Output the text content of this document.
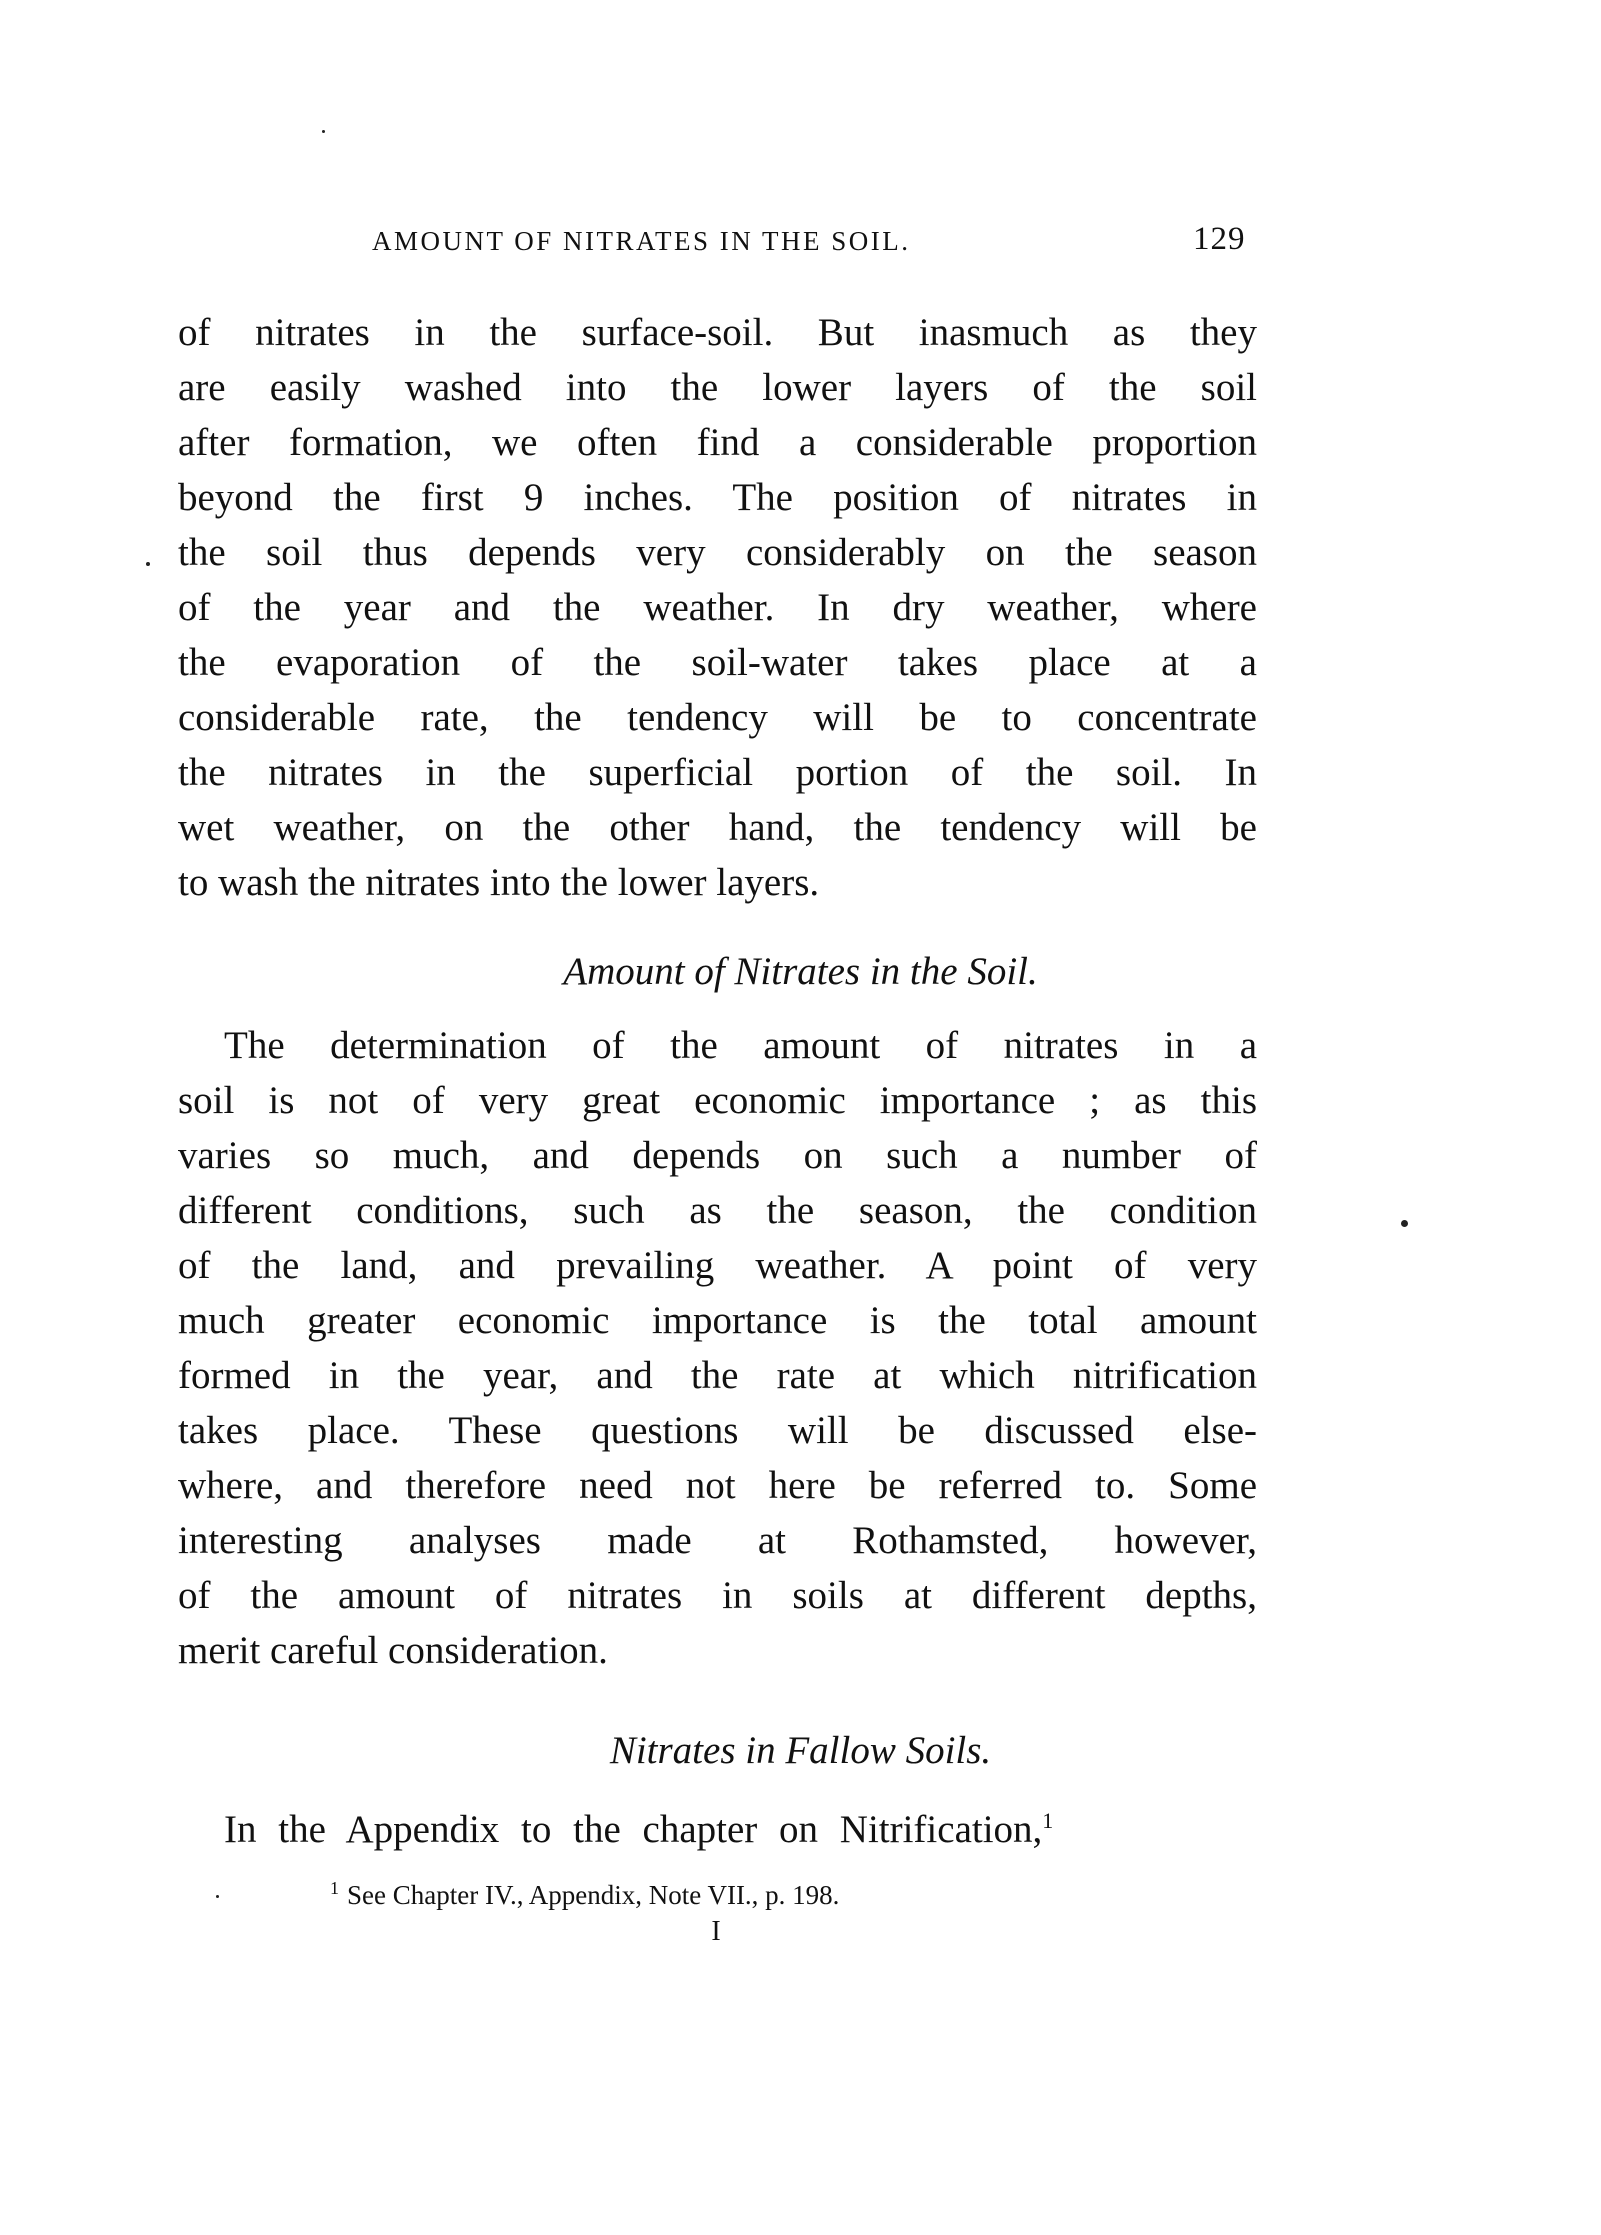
AMOUNT OF NITRATES IN THE SOIL.	129
of nitrates in the surface-soil. But inasmuch as they
are easily washed into the lower layers of the soil
after formation, we often find a considerable proportion
beyond the first 9 inches. The position of nitrates in
the soil thus depends very considerably on the season
of the year and the weather. In dry weather, where
the evaporation of the soil-water takes place at a
considerable rate, the tendency will be to concentrate
the nitrates in the superficial portion of the soil. In
wet weather, on the other hand, the tendency will be
to wash the nitrates into the lower layers.
Amount of Nitrates in the Soil.
The determination of the amount of nitrates in a
soil is not of very great economic importance ; as this
varies so much, and depends on such a number of
different conditions, such as the season, the condition
of the land, and prevailing weather. A point of very
much greater economic importance is the total amount
formed in the year, and the rate at which nitrification
takes place. These questions will be discussed else-
where, and therefore need not here be referred to. Some
interesting analyses made at Rothamsted, however,
of the amount of nitrates in soils at different depths,
merit careful consideration.
Nitrates in Fallow Soils.
In the Appendix to the chapter on Nitrification,$^1$
$^1$ See Chapter IV., Appendix, Note VII., p. 198.
I
